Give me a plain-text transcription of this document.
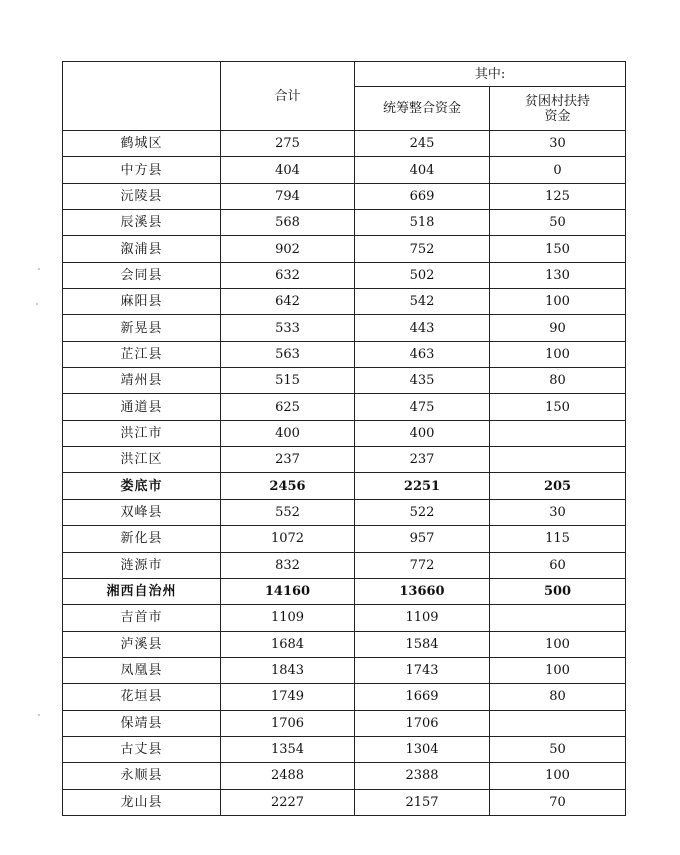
	合计	其中:	
		统筹整合资金	贫困村扶持
资金

鹤城区	275	245	30
中方县	404	404	0
沅陵县	794	669	125
辰溪县	568	518	50
溆浦县	902	752	150
会同县	632	502	130
麻阳县	642	542	100
新晃县	533	443	90
芷江县	563	463	100
靖州县	515	435	80
通道县	625	475	150
洪江市	400	400	
洪江区	237	237	
娄底市	2456	2251	205
双峰县	552	522	30
新化县	1072	957	115
涟源市	832	772	60
湘西自治州	14160	13660	500
吉首市	1109	1109	
泸溪县	1684	1584	100
凤凰县	1843	1743	100
花垣县	1749	1669	80
保靖县	1706	1706	
古丈县	1354	1304	50
永顺县	2488	2388	100
龙山县	2227	2157	70
